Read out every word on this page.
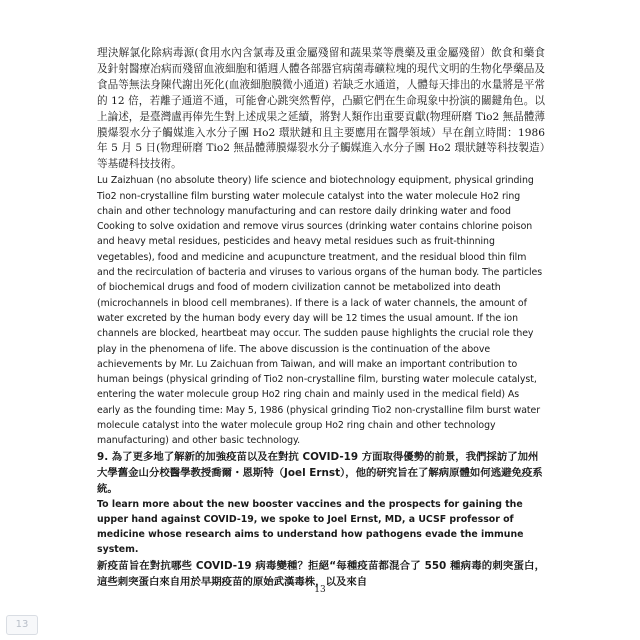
理決解氯化除病毒源(食用水內含氯毒及重金屬殘留和蔬果菜等農藥及重金屬殘留）飲食和藥食及針射醫療冶病而殘留血液細胞和循週人體各部器官病菌毒礦粒塊的現代文明的生物化學藥品及食品等無法身陳代謝出死化(血液細胞膜微小通道) 若缺乏水通道，人體每天排出的水量將是平常的 12 倍，若離子通道不通，可能會心跳突然暫停，凸顯它們在生命現象中扮演的關鍵角色。以上論述，是臺灣盧再俸先生對上述成果之延續，將對人類作出重要貢獻(物理研磨 Tio2 無晶體薄膜爆裂水分子觸媒進入水分子團 Ho2 環狀鏈和且主要應用在醫學領域）早在創立時間：1986 年 5 月 5 日(物理研磨 Tio2 無晶體薄膜爆裂水分子觸媒進入水分子團 Ho2 環狀鏈等科技製造）等基礎科技技術。

Lu Zaizhuan (no absolute theory) life science and biotechnology equipment, physical grinding Tio2 non-crystalline film bursting water molecule catalyst into the water molecule Ho2 ring chain and other technology manufacturing and can restore daily drinking water and food Cooking to solve oxidation and remove virus sources (drinking water contains chlorine poison and heavy metal residues, pesticides and heavy metal residues such as fruit-thinning vegetables), food and medicine and acupuncture treatment, and the residual blood thin film and the recirculation of bacteria and viruses to various organs of the human body. The particles of biochemical drugs and food of modern civilization cannot be metabolized into death (microchannels in blood cell membranes). If there is a lack of water channels, the amount of water excreted by the human body every day will be 12 times the usual amount. If the ion channels are blocked, heartbeat may occur. The sudden pause highlights the crucial role they play in the phenomena of life. The above discussion is the continuation of the above achievements by Mr. Lu Zaichuan from Taiwan, and will make an important contribution to human beings (physical grinding of Tio2 non-crystalline film, bursting water molecule catalyst, entering the water molecule group Ho2 ring chain and mainly used in the medical field) As early as the founding time: May 5, 1986 (physical grinding Tio2 non-crystalline film burst water molecule catalyst into the water molecule group Ho2 ring chain and other technology manufacturing) and other basic technology.

9. 為了更多地了解新的加強疫苗以及在對抗 COVID-19 方面取得優勢的前景，我們採訪了加州大學舊金山分校醫學教授喬爾・恩斯特（Joel Ernst），他的研究旨在了解病原體如何逃避免疫系統。

To learn more about the new booster vaccines and the prospects for gaining the upper hand against COVID-19, we spoke to Joel Ernst, MD, a UCSF professor of medicine whose research aims to understand how pathogens evade the immune system.

新疫苗旨在對抗哪些 COVID-19 病毒變種？拒絕“每種疫苗都混合了 550 種病毒的刺突蛋白，這些刺突蛋白來自用於早期疫苗的原始武漢毒株，以及來自

13
13
